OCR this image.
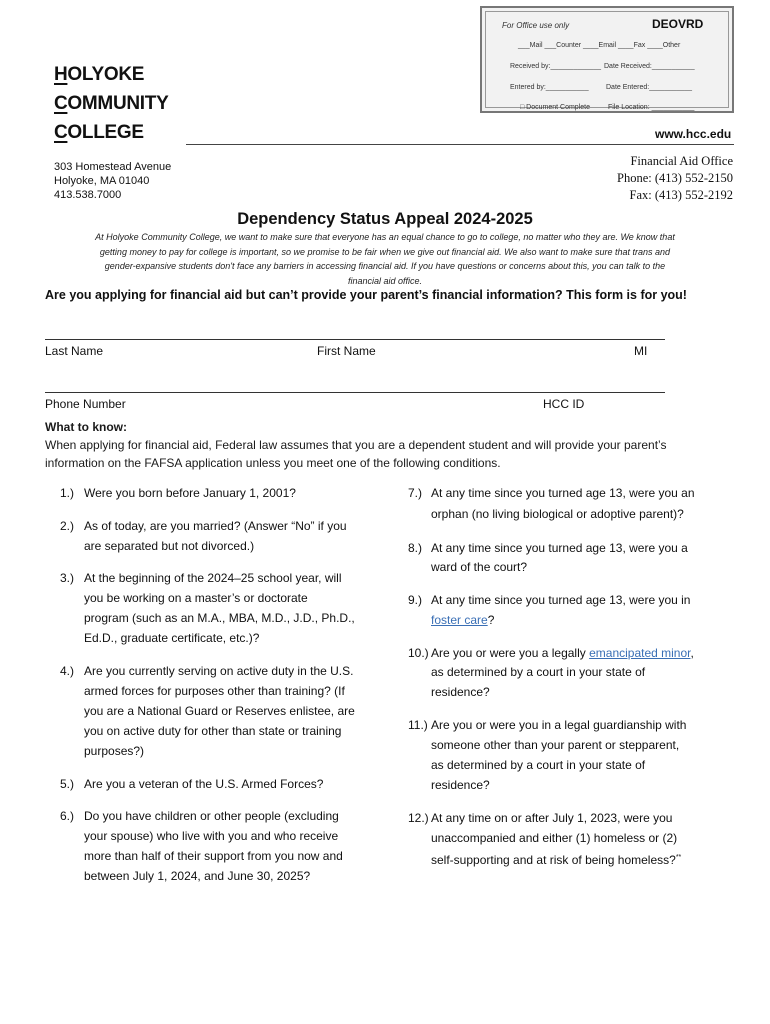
For Office use only	DEOVRD
___Mail ___Counter ____Email ____Fax ____Other
Received by:_____________ Date Received:___________
Entered by:___________ Date Entered:___________
□ Document Complete	File Location: ___________
HOLYOKE
COMMUNITY
COLLEGE	www.hcc.edu
303 Homestead Avenue
Holyoke, MA 01040
413.538.7000
Financial Aid Office
Phone: (413) 552-2150
Fax: (413) 552-2192
Dependency Status Appeal 2024-2025
At Holyoke Community College, we want to make sure that everyone has an equal chance to go to college, no matter who they are. We know that
getting money to pay for college is important, so we promise to be fair when we give out financial aid. We also want to make sure that trans and
gender-expansive students don't face any barriers in accessing financial aid. If you have questions or concerns about this, you can talk to the
financial aid office.
Are you applying for financial aid but can’t provide your parent’s financial information? This form is for you!
Last Name	First Name	MI
Phone Number	HCC ID
What to know:
When applying for financial aid, Federal law assumes that you are a dependent student and will provide your parent’s
information on the FAFSA application unless you meet one of the following conditions.
1.) Were you born before January 1, 2001?
2.) As of today, are you married? (Answer “No” if you
are separated but not divorced.)
3.) At the beginning of the 2024–25 school year, will
you be working on a master’s or doctorate
program (such as an M.A., MBA, M.D., J.D., Ph.D.,
Ed.D., graduate certificate, etc.)?
4.) Are you currently serving on active duty in the U.S.
armed forces for purposes other than training? (If
you are a National Guard or Reserves enlistee, are
you on active duty for other than state or training
purposes?)
5.) Are you a veteran of the U.S. Armed Forces?
6.) Do you have children or other people (excluding
your spouse) who live with you and who receive
more than half of their support from you now and
between July 1, 2024, and June 30, 2025?
7.) At any time since you turned age 13, were you an
orphan (no living biological or adoptive parent)?
8.) At any time since you turned age 13, were you a
ward of the court?
9.) At any time since you turned age 13, were you in
foster care?
10.) Are you or were you a legally emancipated minor,
as determined by a court in your state of
residence?
11.) Are you or were you in a legal guardianship with
someone other than your parent or stepparent,
as determined by a court in your state of
residence?
12.) At any time on or after July 1, 2023, were you
unaccompanied and either (1) homeless or (2)
self-supporting and at risk of being homeless?**
